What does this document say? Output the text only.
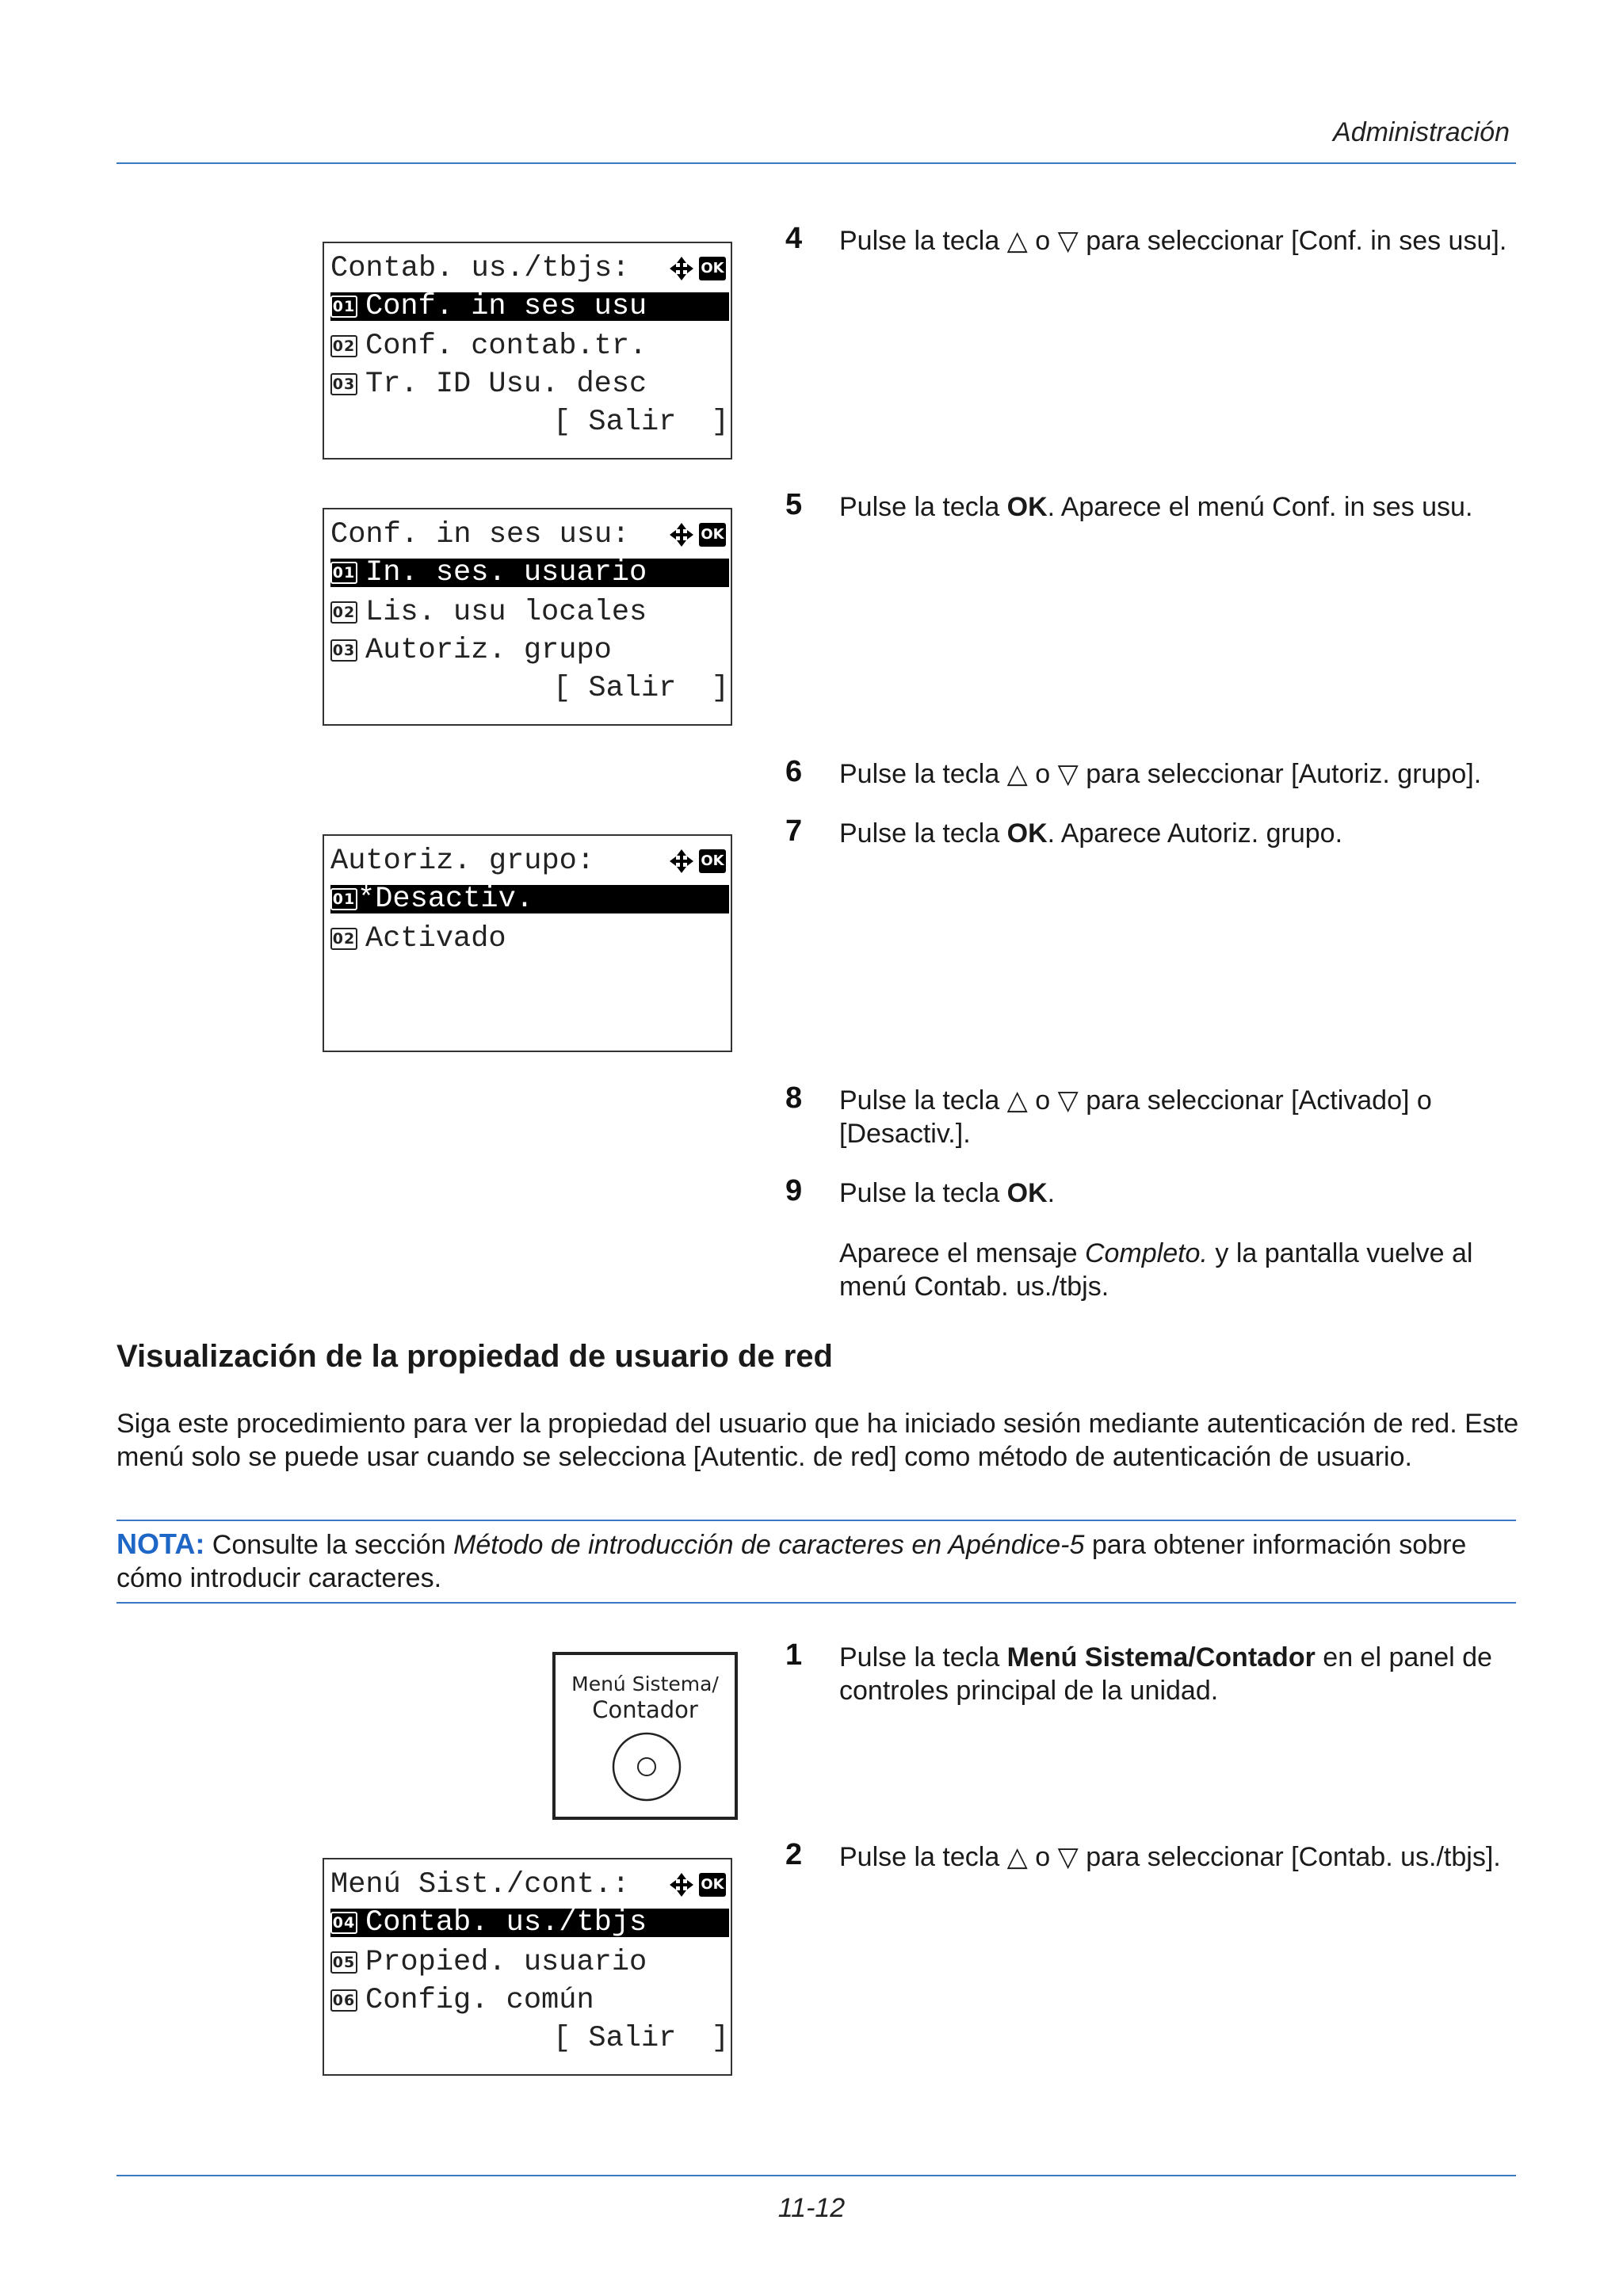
Administración

Contab. us./tbjs:

	OK

01 Conf. in ses usu
02 Conf. contab.tr.
03 Tr. ID Usu. desc
[ Salir  ]

Conf. in ses usu:

	OK

01 In. ses. usuario
02 Lis. usu locales
03 Autoriz. grupo
[ Salir  ]

Autoriz. grupo:

	OK

01*Desactiv.
02 Activado
4	Pulse la tecla △ o ▽ para seleccionar [Conf. in ses usu].
5	Pulse la tecla OK. Aparece el menú Conf. in ses usu.
6	Pulse la tecla △ o ▽ para seleccionar [Autoriz. grupo].
7	Pulse la tecla OK. Aparece Autoriz. grupo.
8	Pulse la tecla △ o ▽ para seleccionar [Activado] o [Desactiv.].
9	Pulse la tecla OK.
Aparece el mensaje Completo. y la pantalla vuelve al menú Contab. us./tbjs.
Visualización de la propiedad de usuario de red
Siga este procedimiento para ver la propiedad del usuario que ha iniciado sesión mediante autenticación de red. Este menú solo se puede usar cuando se selecciona [Autentic. de red] como método de autenticación de usuario.
NOTA: Consulte la sección Método de introducción de caracteres en Apéndice-5 para obtener información sobre cómo introducir caracteres.
Menú Sistema/
Contador
1	Pulse la tecla Menú Sistema/Contador en el panel de controles principal de la unidad.
2	Pulse la tecla △ o ▽ para seleccionar [Contab. us./tbjs].

Menú Sist./cont.:

	OK

04 Contab. us./tbjs
05 Propied. usuario
06 Config. común
[ Salir  ]
11-12
